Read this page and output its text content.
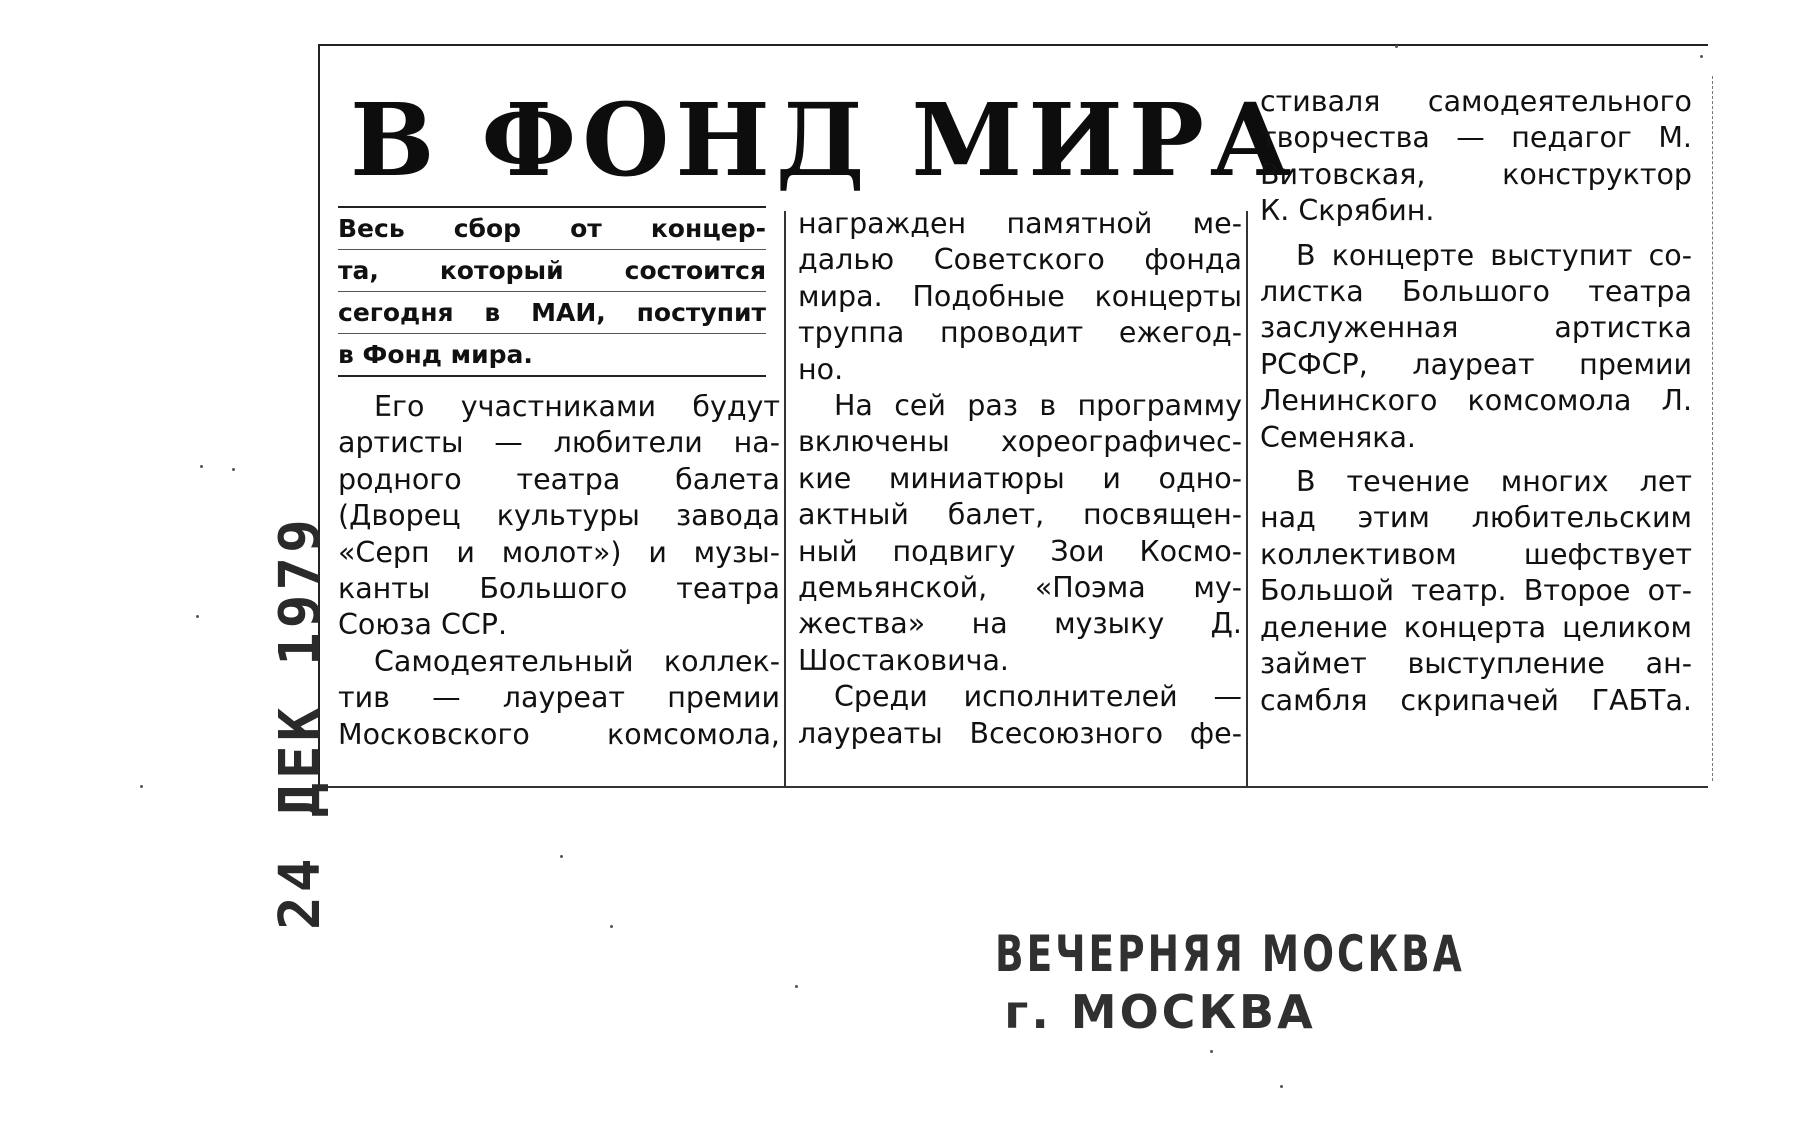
В ФОНД МИРА
Весь сбор от концер-
та, который состоится
сегодня в МАИ, поступит
в Фонд мира.
Его участниками будут
артисты — любители на-
родного театра балета
(Дворец культуры завода
«Серп и молот») и музы-
канты Большого театра
Союза ССР.
Самодеятельный коллек-
тив — лауреат премии
Московского комсомола,
награжден памятной ме-
далью Советского фонда
мира. Подобные концерты
труппа проводит ежегод-
но.
На сей раз в программу
включены хореографичес-
кие миниатюры и одно-
актный балет, посвящен-
ный подвигу Зои Космо-
демьянской, «Поэма му-
жества» на музыку Д.
Шостаковича.
Среди исполнителей —
лауреаты Всесоюзного фе-
стиваля самодеятельного
творчества — педагог М.
Витовская, конструктор
К. Скрябин.
В концерте выступит со-
листка Большого театра
заслуженная артистка
РСФСР, лауреат премии
Ленинского комсомола Л.
Семеняка.
В течение многих лет
над этим любительским
коллективом шефствует
Большой театр. Второе от-
деление концерта целиком
займет выступление ан-
самбля скрипачей ГАБТа.
24 ДЕК 1979
ВЕЧЕРНЯЯ МОСКВА
г. МОСКВА
